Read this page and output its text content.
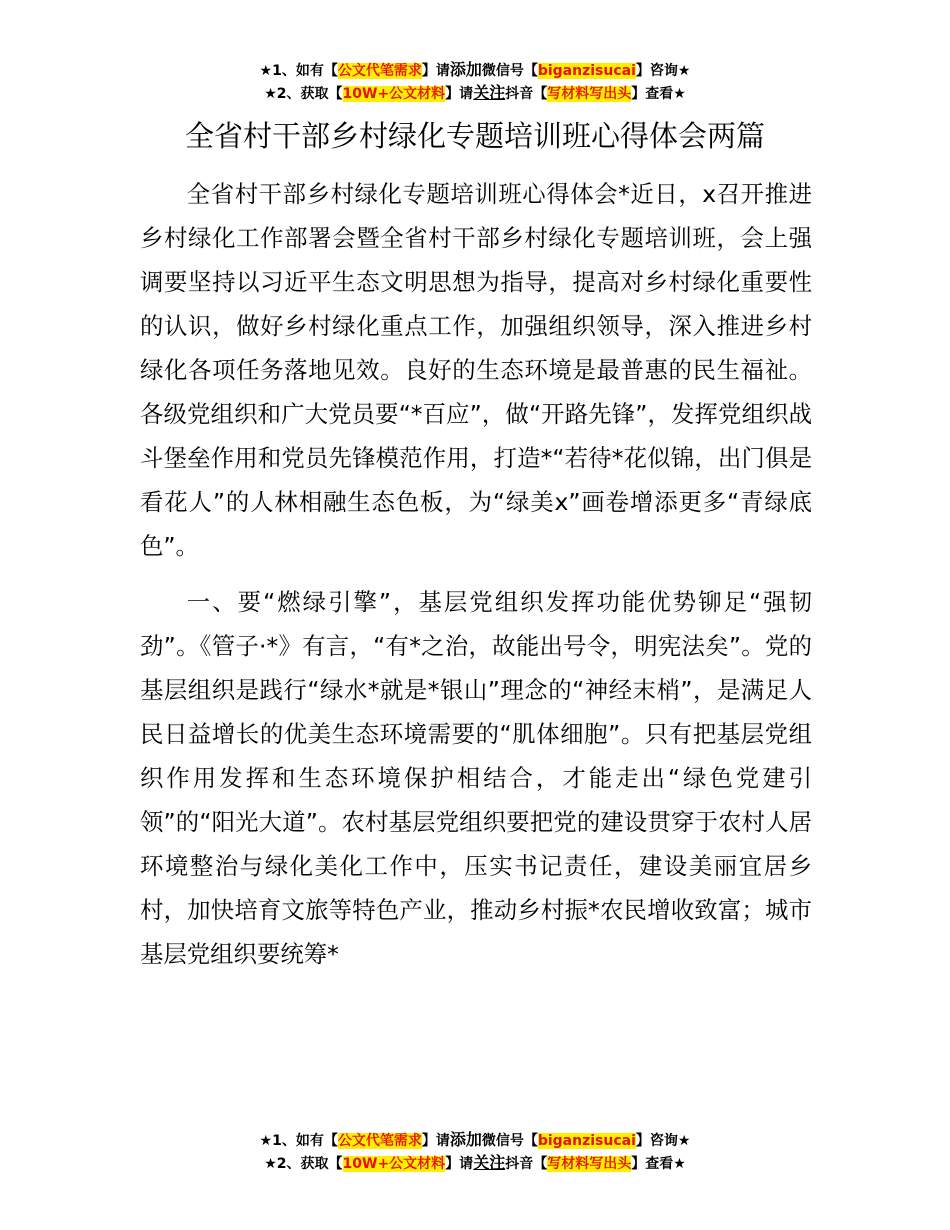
★1、如有【公文代笔需求】请添加微信号【biganzisucai】咨询★
★2、获取【10W+公文材料】请关注抖音【写材料写出头】查看★
全省村干部乡村绿化专题培训班心得体会两篇

全省村干部乡村绿化专题培训班心得体会*近日，x召开推进乡村绿化工作部署会暨全省村干部乡村绿化专题培训班，会上强调要坚持以习近平生态文明思想为指导，提高对乡村绿化重要性的认识，做好乡村绿化重点工作，加强组织领导，深入推进乡村绿化各项任务落地见效。良好的生态环境是最普惠的民生福祉。各级党组织和广大党员要“*百应”，做“开路先锋”，发挥党组织战斗堡垒作用和党员先锋模范作用，打造*“若待*花似锦，出门俱是看花人”的人林相融生态色板，为“绿美x”画卷增添更多“青绿底色”。

一、要“燃绿引擎”，基层党组织发挥功能优势铆足“强韧劲”。《管子·*》有言，“有*之治，故能出号令，明宪法矣”。党的基层组织是践行“绿水*就是*银山”理念的“神经末梢”，是满足人民日益增长的优美生态环境需要的“肌体细胞”。只有把基层党组织作用发挥和生态环境保护相结合，才能走出“绿色党建引领”的“阳光大道”。农村基层党组织要把党的建设贯穿于农村人居环境整治与绿化美化工作中，压实书记责任，建设美丽宜居乡村，加快培育文旅等特色产业，推动乡村振*农民增收致富；城市基层党组织要统筹*

★1、如有【公文代笔需求】请添加微信号【biganzisucai】咨询★
★2、获取【10W+公文材料】请关注抖音【写材料写出头】查看★
